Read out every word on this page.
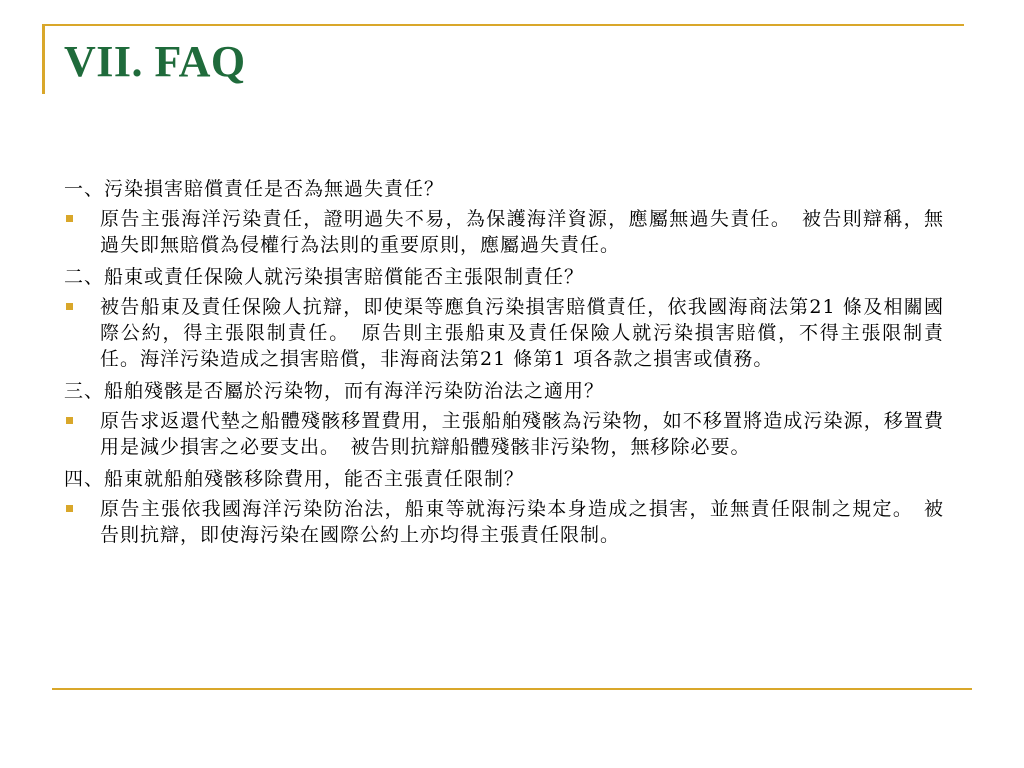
VII. FAQ

一、污染損害賠償責任是否為無過失責任？

原告主張海洋污染責任，證明過失不易，為保護海洋資源，應屬無過失責任。　被告則辯稱，無過失即無賠償為侵權行為法則的重要原則，應屬過失責任。

二、船東或責任保險人就污染損害賠償能否主張限制責任？

被告船東及責任保險人抗辯，即使渠等應負污染損害賠償責任，依我國海商法第21 條及相關國際公約，得主張限制責任。　原告則主張船東及責任保險人就污染損害賠償，不得主張限制責任。海洋污染造成之損害賠償，非海商法第21 條第1 項各款之損害或債務。

三、船舶殘骸是否屬於污染物，而有海洋污染防治法之適用？

原告求返還代墊之船體殘骸移置費用，主張船舶殘骸為污染物，如不移置將造成污染源，移置費用是減少損害之必要支出。　被告則抗辯船體殘骸非污染物，無移除必要。

四、船東就船舶殘骸移除費用，能否主張責任限制？

原告主張依我國海洋污染防治法，船東等就海污染本身造成之損害，並無責任限制之規定。　被告則抗辯，即使海污染在國際公約上亦均得主張責任限制。
